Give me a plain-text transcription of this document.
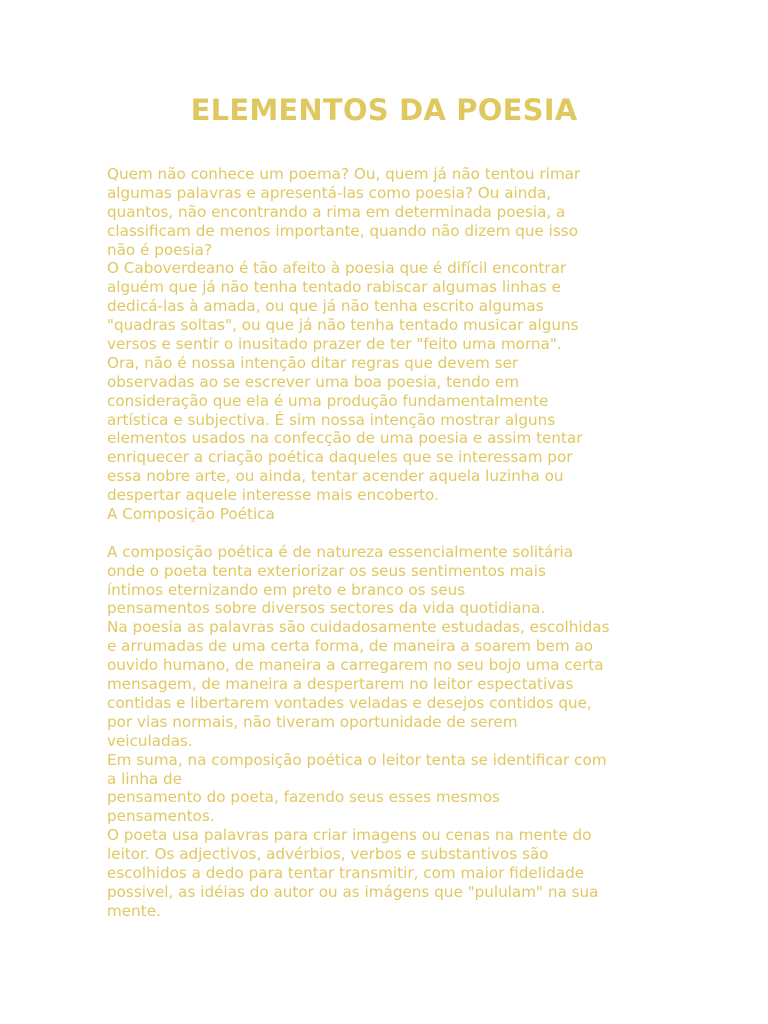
ELEMENTOS DA POESIA
Quem não conhece um poema? Ou, quem já não tentou rimar
algumas palavras e apresentá-las como poesia? Ou ainda,
quantos, não encontrando a rima em determinada poesia, a
classificam de menos importante, quando não dizem que isso
não é poesia?
O Caboverdeano é tão afeito à poesia que é difícil encontrar
alguém que já não tenha tentado rabiscar algumas linhas e
dedicá-las à amada, ou que já não tenha escrito algumas
"quadras soltas", ou que já não tenha tentado musicar alguns
versos e sentir o inusitado prazer de ter "feito uma morna".
Ora, não é nossa intenção ditar regras que devem ser
observadas ao se escrever uma boa poesia, tendo em
consideração que ela é uma produção fundamentalmente
artística e subjectiva. É sim nossa intenção mostrar alguns
elementos usados na confecção de uma poesia e assim tentar
enriquecer a criação poética daqueles que se interessam por
essa nobre arte, ou ainda, tentar acender aquela luzinha ou
despertar aquele interesse mais encoberto.
A Composição Poética
A composição poética é de natureza essencialmente solitária
onde o poeta tenta exteriorizar os seus sentimentos mais
íntimos eternizando em preto e branco os seus
pensamentos sobre diversos sectores da vida quotidiana.
Na poesia as palavras são cuidadosamente estudadas, escolhidas
e arrumadas de uma certa forma, de maneira a soarem bem ao
ouvido humano, de maneira a carregarem no seu bojo uma certa
mensagem, de maneira a despertarem no leitor espectativas
contidas e libertarem vontades veladas e desejos contidos que,
por vias normais, não tiveram oportunidade de serem
veiculadas.
Em suma, na composição poética o leitor tenta se identificar com
a linha de
pensamento do poeta, fazendo seus esses mesmos
pensamentos.
O poeta usa palavras para criar imagens ou cenas na mente do
leitor. Os adjectivos, advérbios, verbos e substantivos são
escolhidos a dedo para tentar transmitir, com maior fidelidade
possivel, as idéias do autor ou as imágens que "pululam" na sua
mente.
